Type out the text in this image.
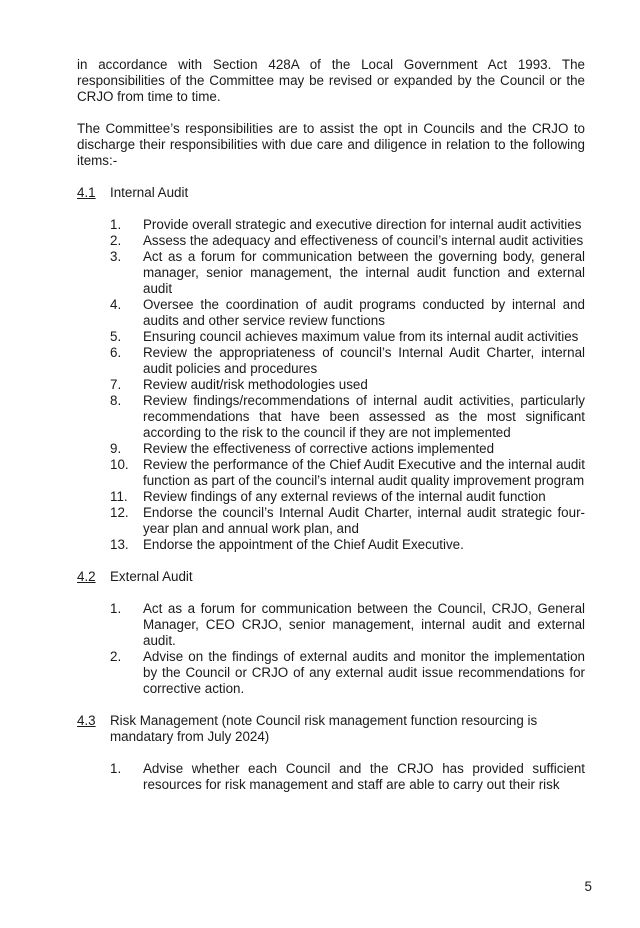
in accordance with Section 428A of the Local Government Act 1993. The responsibilities of the Committee may be revised or expanded by the Council or the CRJO from time to time.

The Committee’s responsibilities are to assist the opt in Councils and the CRJO to discharge their responsibilities with due care and diligence in relation to the following items:-

4.1	Internal Audit
1.	Provide overall strategic and executive direction for internal audit activities
2.	Assess the adequacy and effectiveness of council’s internal audit activities
3.	Act as a forum for communication between the governing body, general manager, senior management, the internal audit function and external audit
4.	Oversee the coordination of audit programs conducted by internal and audits and other service review functions
5.	Ensuring council achieves maximum value from its internal audit activities
6.	Review the appropriateness of council’s Internal Audit Charter, internal audit policies and procedures
7.	Review audit/risk methodologies used
8.	Review findings/recommendations of internal audit activities, particularly recommendations that have been assessed as the most significant according to the risk to the council if they are not implemented
9.	Review the effectiveness of corrective actions implemented
10.	Review the performance of the Chief Audit Executive and the internal audit function as part of the council’s internal audit quality improvement program
11.	Review findings of any external reviews of the internal audit function
12.	Endorse the council’s Internal Audit Charter, internal audit strategic four-year plan and annual work plan, and
13.	Endorse the appointment of the Chief Audit Executive.
4.2	External Audit
1.	Act as a forum for communication between the Council, CRJO, General Manager, CEO CRJO, senior management, internal audit and external audit.
2.	Advise on the findings of external audits and monitor the implementation by the Council or CRJO of any external audit issue recommendations for corrective action.
4.3	Risk Management (note Council risk management function resourcing is mandatary from July 2024)
1.	Advise whether each Council and the CRJO has provided sufficient resources for risk management and staff are able to carry out their risk
5
